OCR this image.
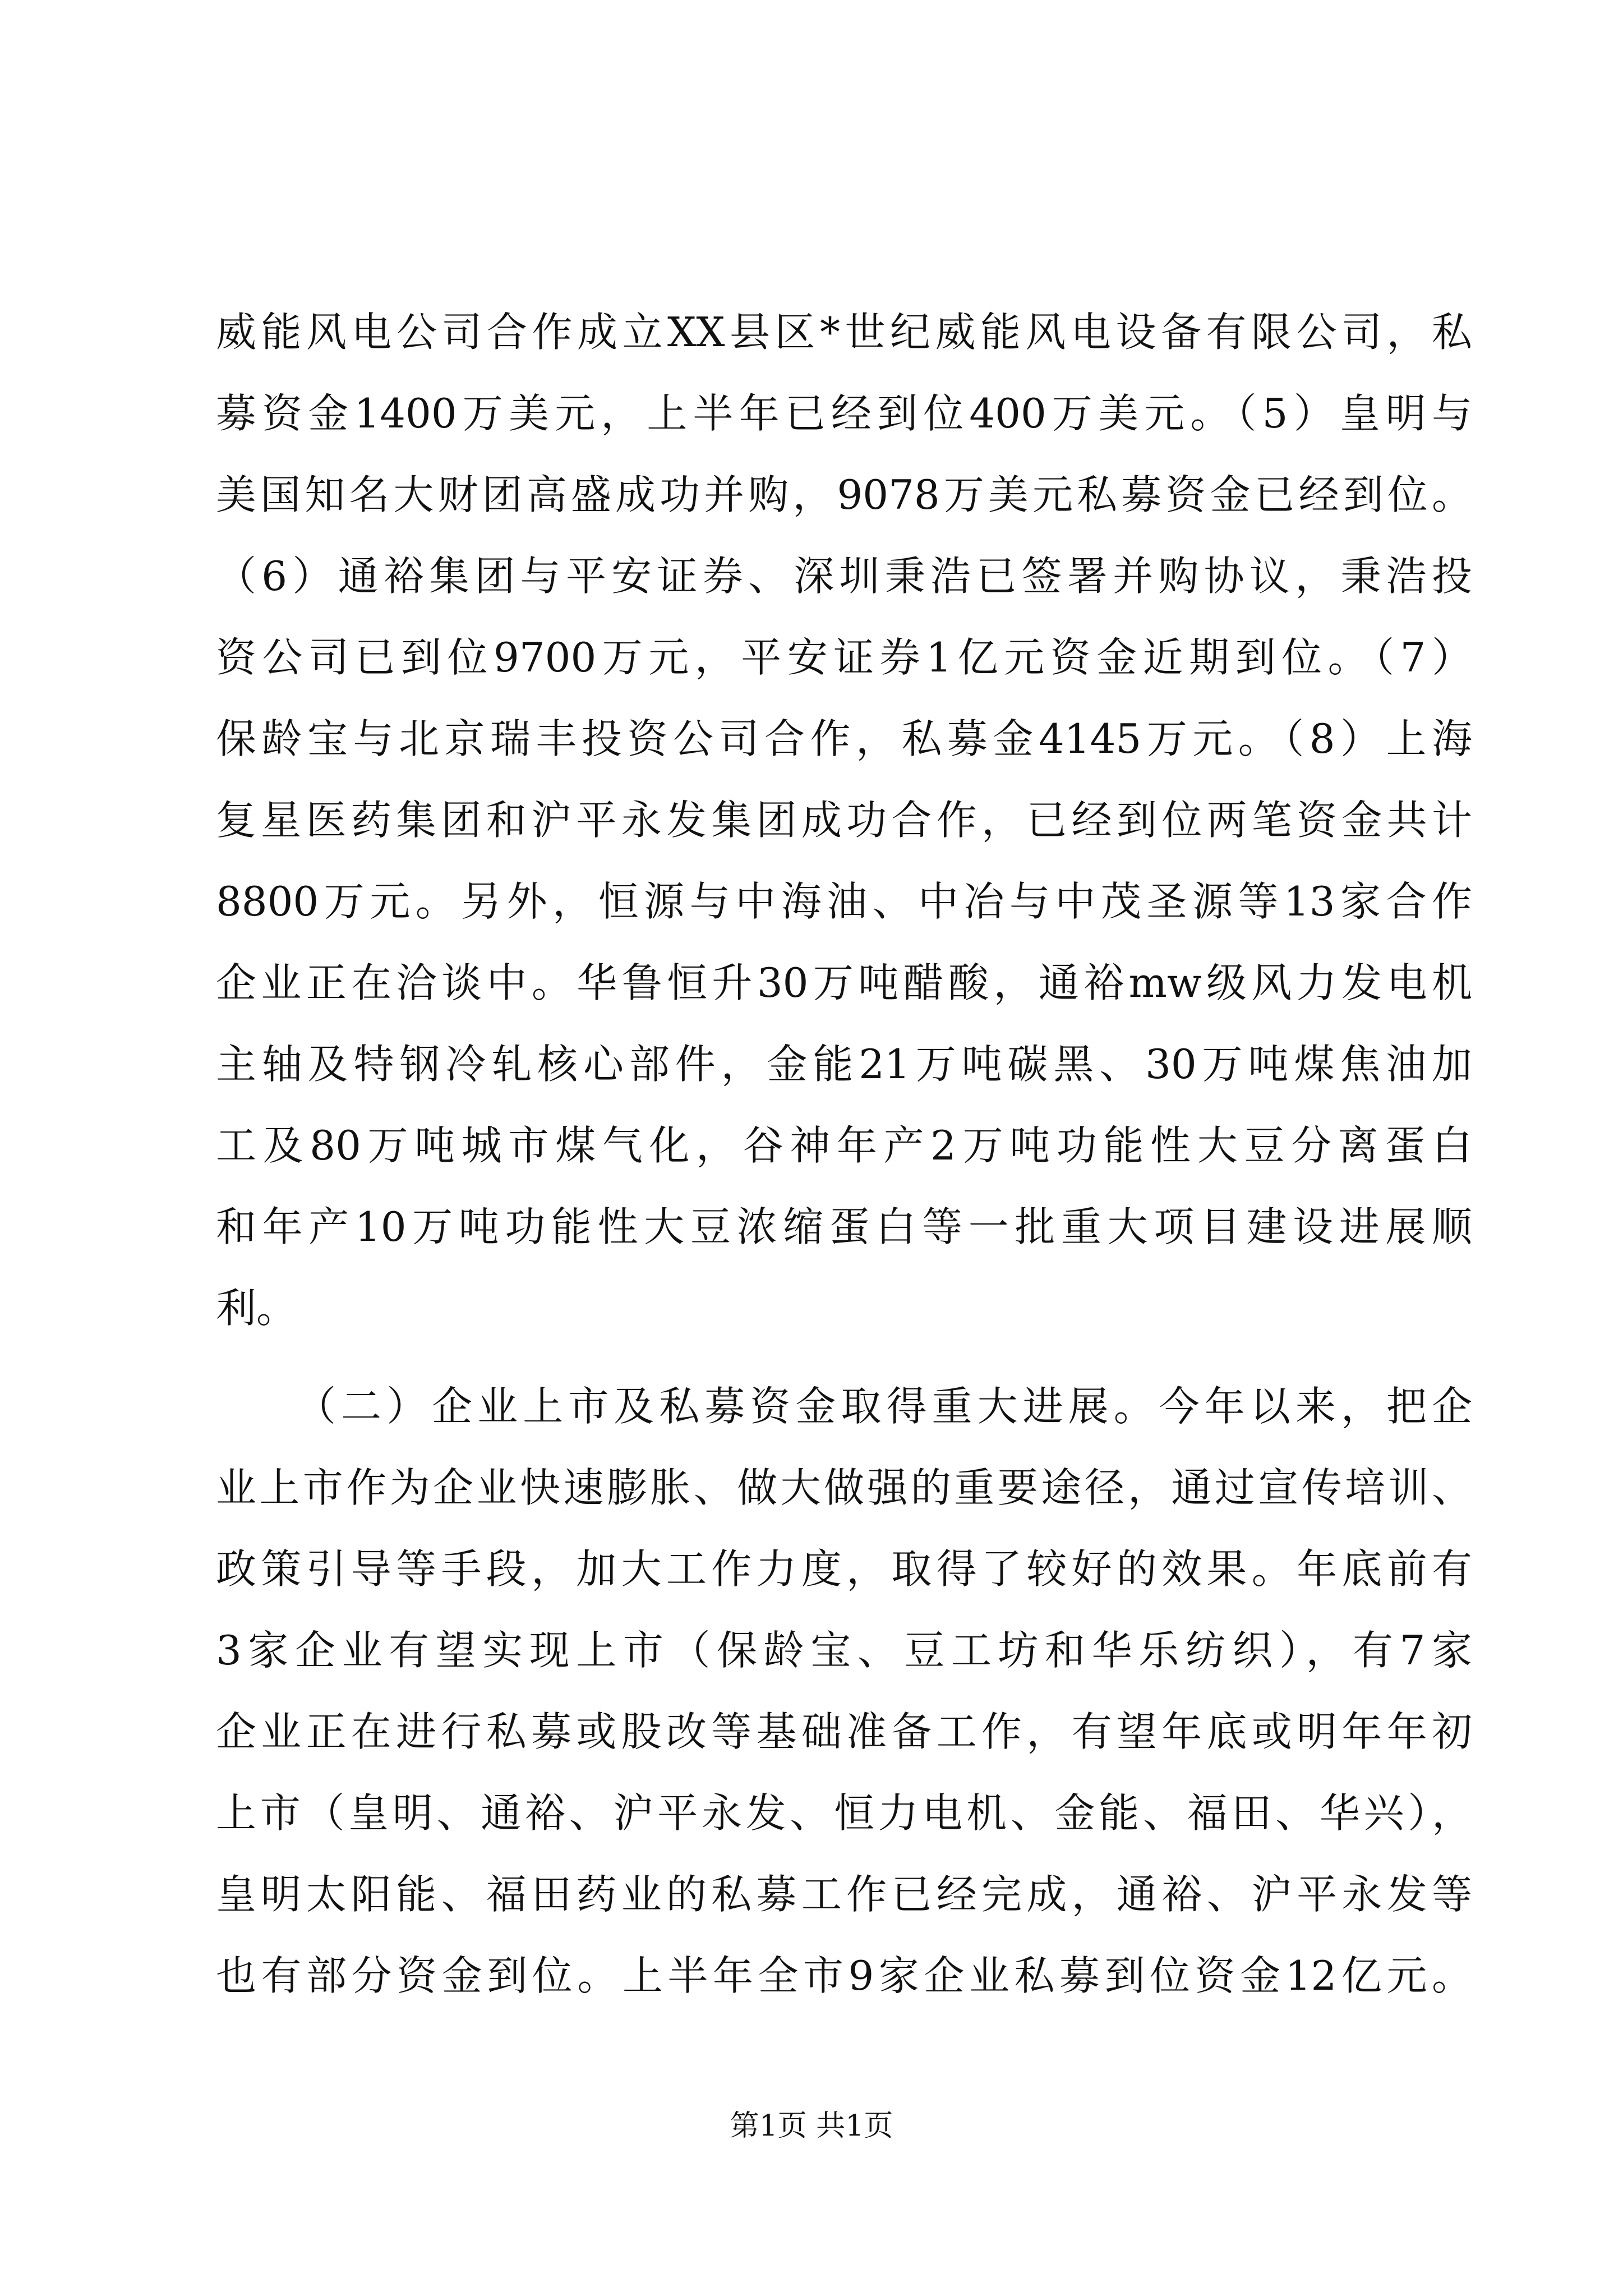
威能风电公司合作成立XX县区*世纪威能风电设备有限公司，私
募资金1400万美元，上半年已经到位400万美元。（5）皇明与
美国知名大财团高盛成功并购，9078万美元私募资金已经到位。
（6）通裕集团与平安证券、深圳秉浩已签署并购协议，秉浩投
资公司已到位9700万元，平安证券1亿元资金近期到位。（7）
保龄宝与北京瑞丰投资公司合作，私募金4145万元。（8）上海
复星医药集团和沪平永发集团成功合作，已经到位两笔资金共计
8800万元。另外，恒源与中海油、中冶与中茂圣源等13家合作
企业正在洽谈中。华鲁恒升30万吨醋酸，通裕mw级风力发电机
主轴及特钢冷轧核心部件，金能21万吨碳黑、30万吨煤焦油加
工及80万吨城市煤气化，谷神年产2万吨功能性大豆分离蛋白
和年产10万吨功能性大豆浓缩蛋白等一批重大项目建设进展顺
利。
（二）企业上市及私募资金取得重大进展。今年以来，把企
业上市作为企业快速膨胀、做大做强的重要途径，通过宣传培训、
政策引导等手段，加大工作力度，取得了较好的效果。年底前有
3家企业有望实现上市（保龄宝、豆工坊和华乐纺织），有7家
企业正在进行私募或股改等基础准备工作，有望年底或明年年初
上市（皇明、通裕、沪平永发、恒力电机、金能、福田、华兴），
皇明太阳能、福田药业的私募工作已经完成，通裕、沪平永发等
也有部分资金到位。上半年全市9家企业私募到位资金12亿元。
第1页 共1页
